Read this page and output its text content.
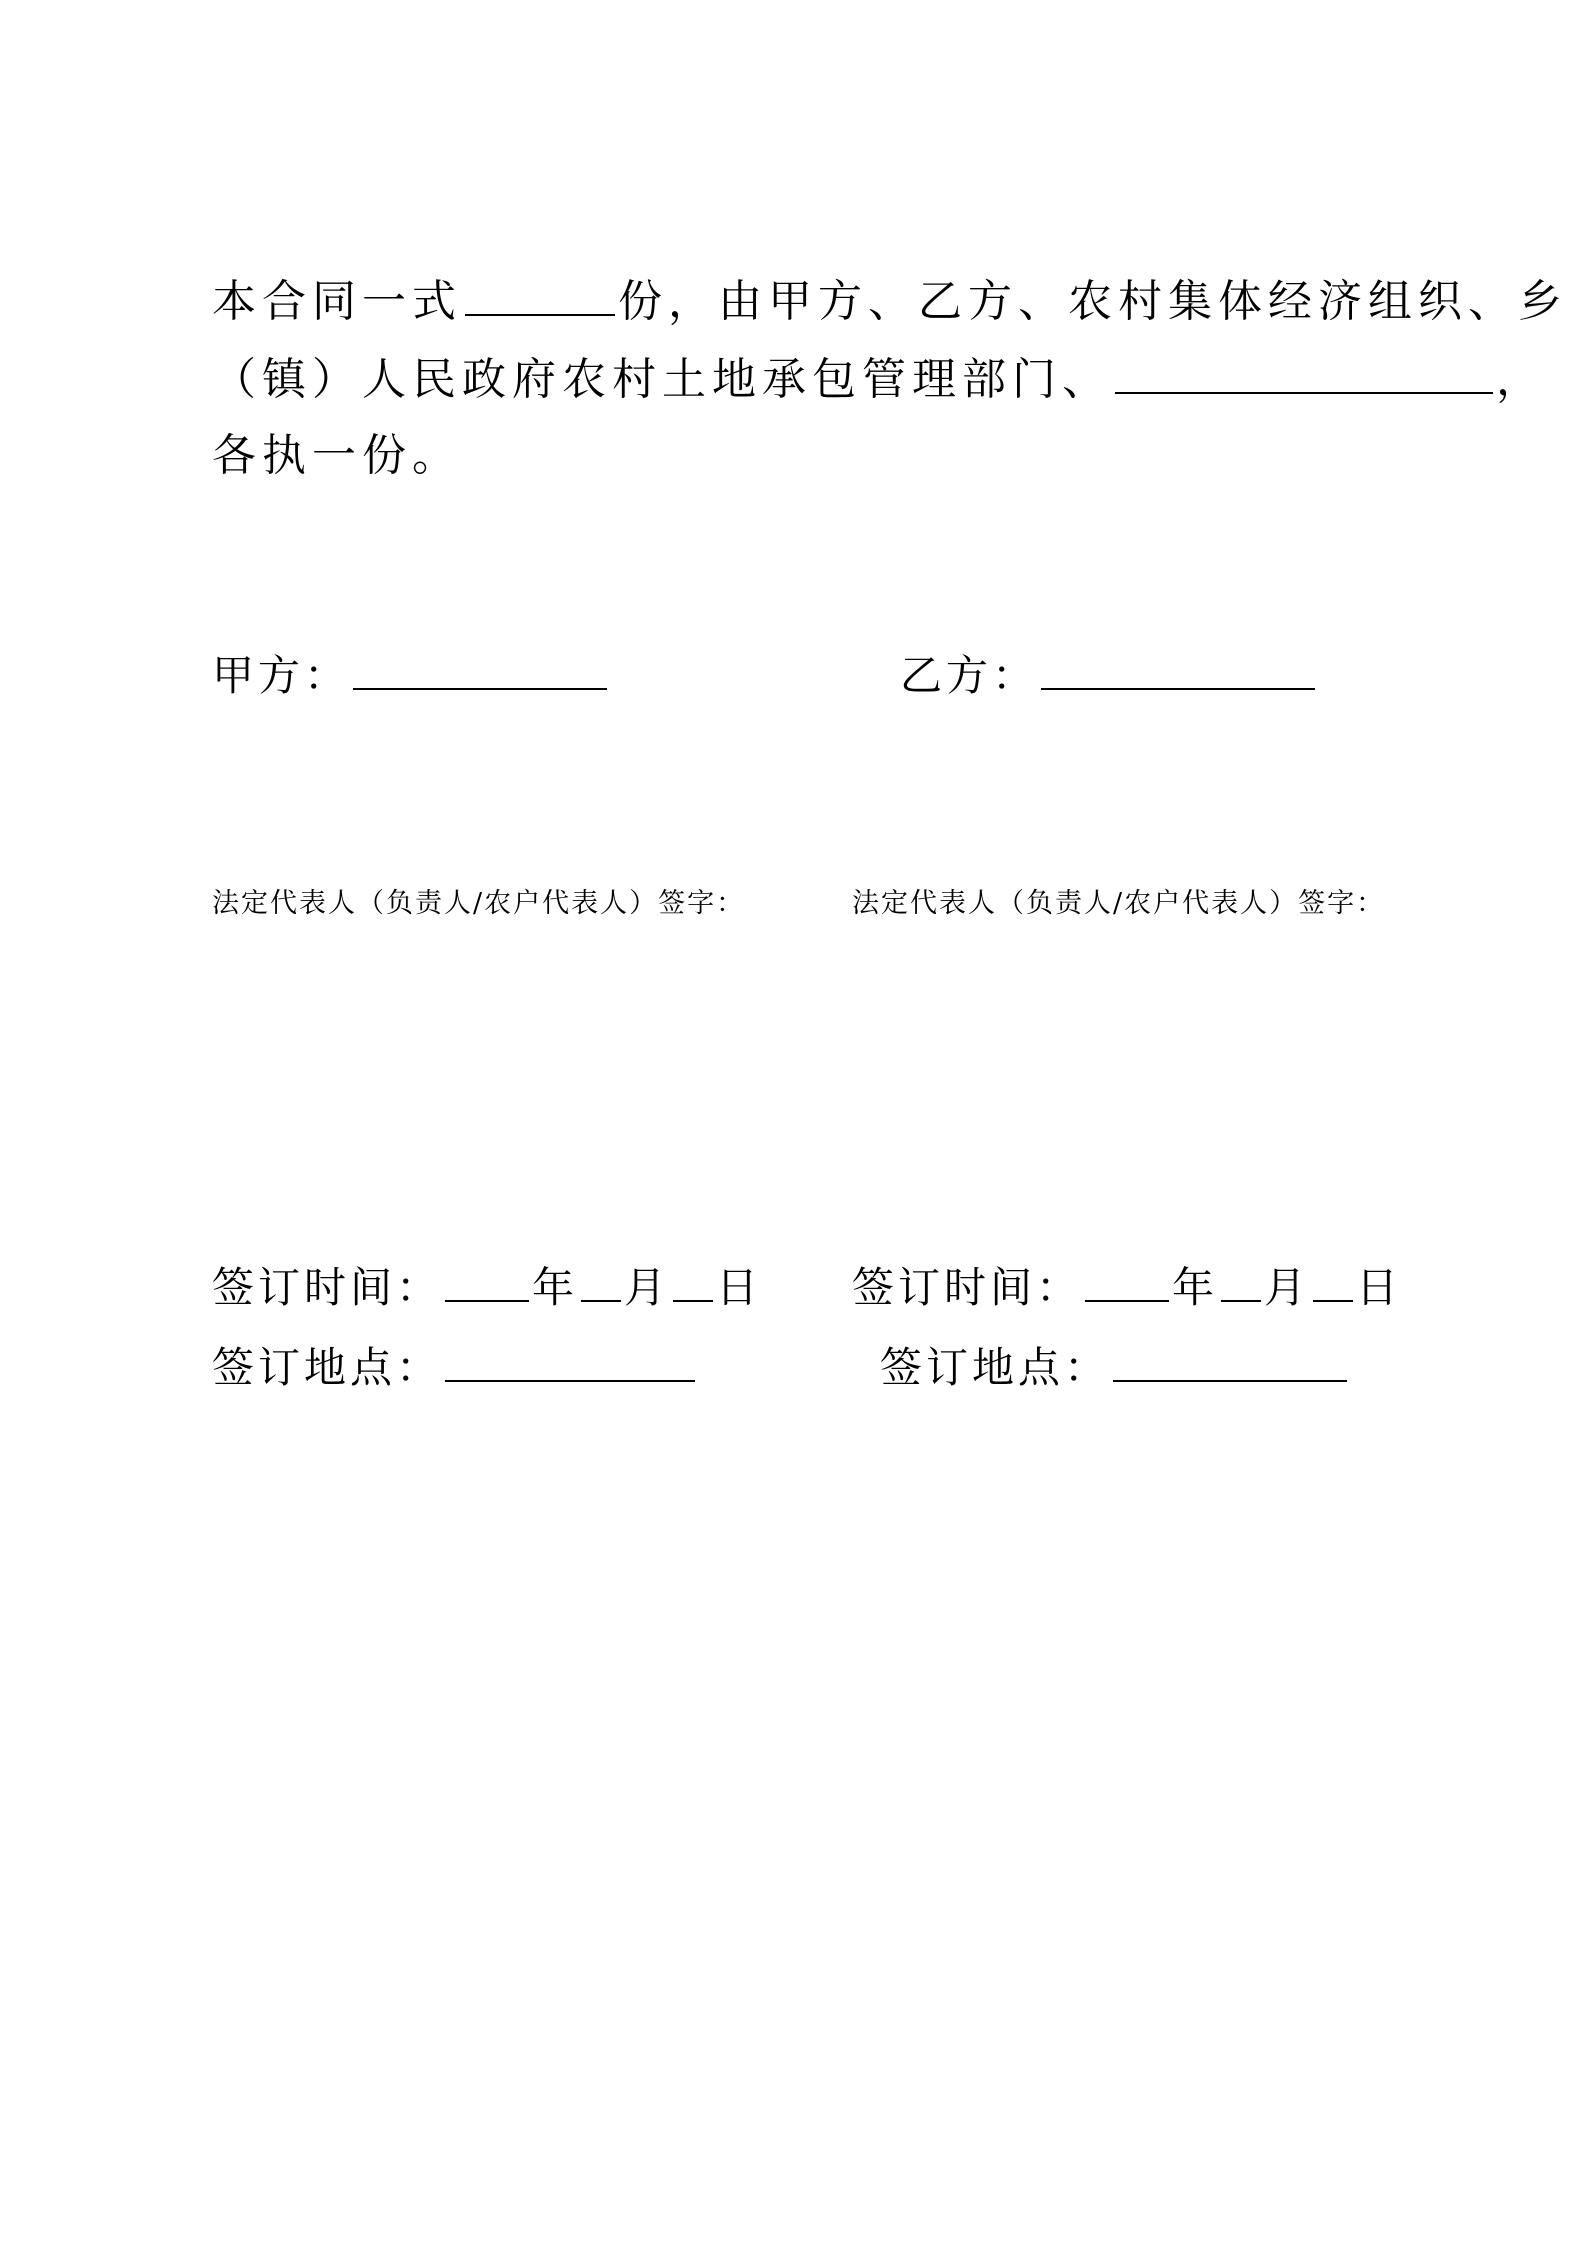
本合同一式	份，由甲方、乙方、农村集体经济组织、乡
（镇）人民政府农村土地承包管理部门、	，
各执一份。
甲方：	乙方：
法定代表人（负责人/农户代表人）签字：	法定代表人（负责人/农户代表人）签字：
签订时间： 年 月 日 签订时间： 年 月 日
签订地点：	签订地点：
